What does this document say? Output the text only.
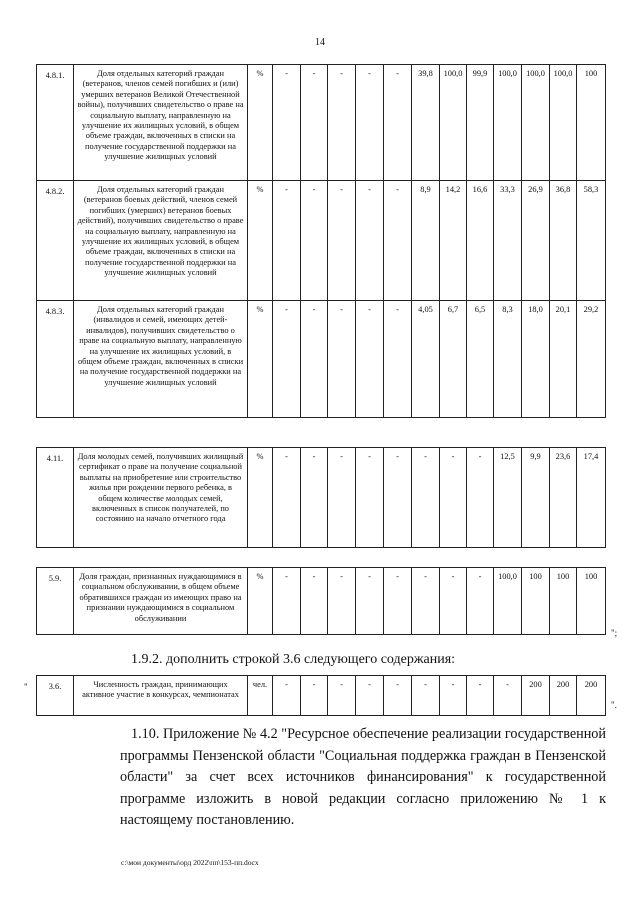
14
4.8.1.	Доля отдельных категорий граждан (ветеранов, членов семей погибших и (или) умерших ветеранов Великой Отечественной войны), получивших свидетельство о праве на социальную выплату, направленную на улучшение их жилищных условий, в общем объеме граждан, включенных в списки на получение государственной поддержки на улучшение жилищных условий	%	-	-	-	-	-	39,8	100,0	99,9	100,0	100,0	100,0	100
4.8.2.	Доля отдельных категорий граждан (ветеранов боевых действий, членов семей погибших (умерших) ветеранов боевых действий), получивших свидетельство о праве на социальную выплату, направленную на улучшение их жилищных условий, в общем объеме граждан, включенных в списки на получение государственной поддержки на улучшение жилищных условий	%	-	-	-	-	-	8,9	14,2	16,6	33,3	26,9	36,8	58,3
4.8.3.	Доля отдельных категорий граждан (инвалидов и семей, имеющих детей-инвалидов), получивших свидетельство о праве на социальную выплату, направленную на улучшение их жилищных условий, в общем объеме граждан, включенных в списки на получение государственной поддержки на улучшение жилищных условий	%	-	-	-	-	-	4,05	6,7	6,5	8,3	18,0	20,1	29,2
4.11.	Доля молодых семей, получивших жилищный сертификат о праве на получение социальной выплаты на приобретение или строительство жилья при рождении первого ребенка, в общем количестве молодых семей, включенных в список получателей, по состоянию на начало отчетного года	%	-	-	-	-	-	-	-	-	12,5	9,9	23,6	17,4
5.9.	Доля граждан, признанных нуждающимися в социальном обслуживании, в общем объеме обратившихся граждан из имеющих право на признании нуждающимися в социальном обслуживании	%	-	-	-	-	-	-	-	-	100,0	100	100	100
";
1.9.2. дополнить строкой 3.6 следующего содержания:
"	3.6.	Численность граждан, принимающих активное участие в конкурсах, чемпионатах	чел.	-	-	-	-	-	-	-	-	-	200	200	200
".

1.10. Приложение № 4.2 "Ресурсное обеспечение реализации государственной программы Пензенской области "Социальная поддержка граждан в Пензенской области" за счет всех источников финансирования" к государственной программе изложить в новой редакции согласно приложению № 1 к настоящему постановлению.

c:\мои документы\орд 2022\пп\153-пп.docx
